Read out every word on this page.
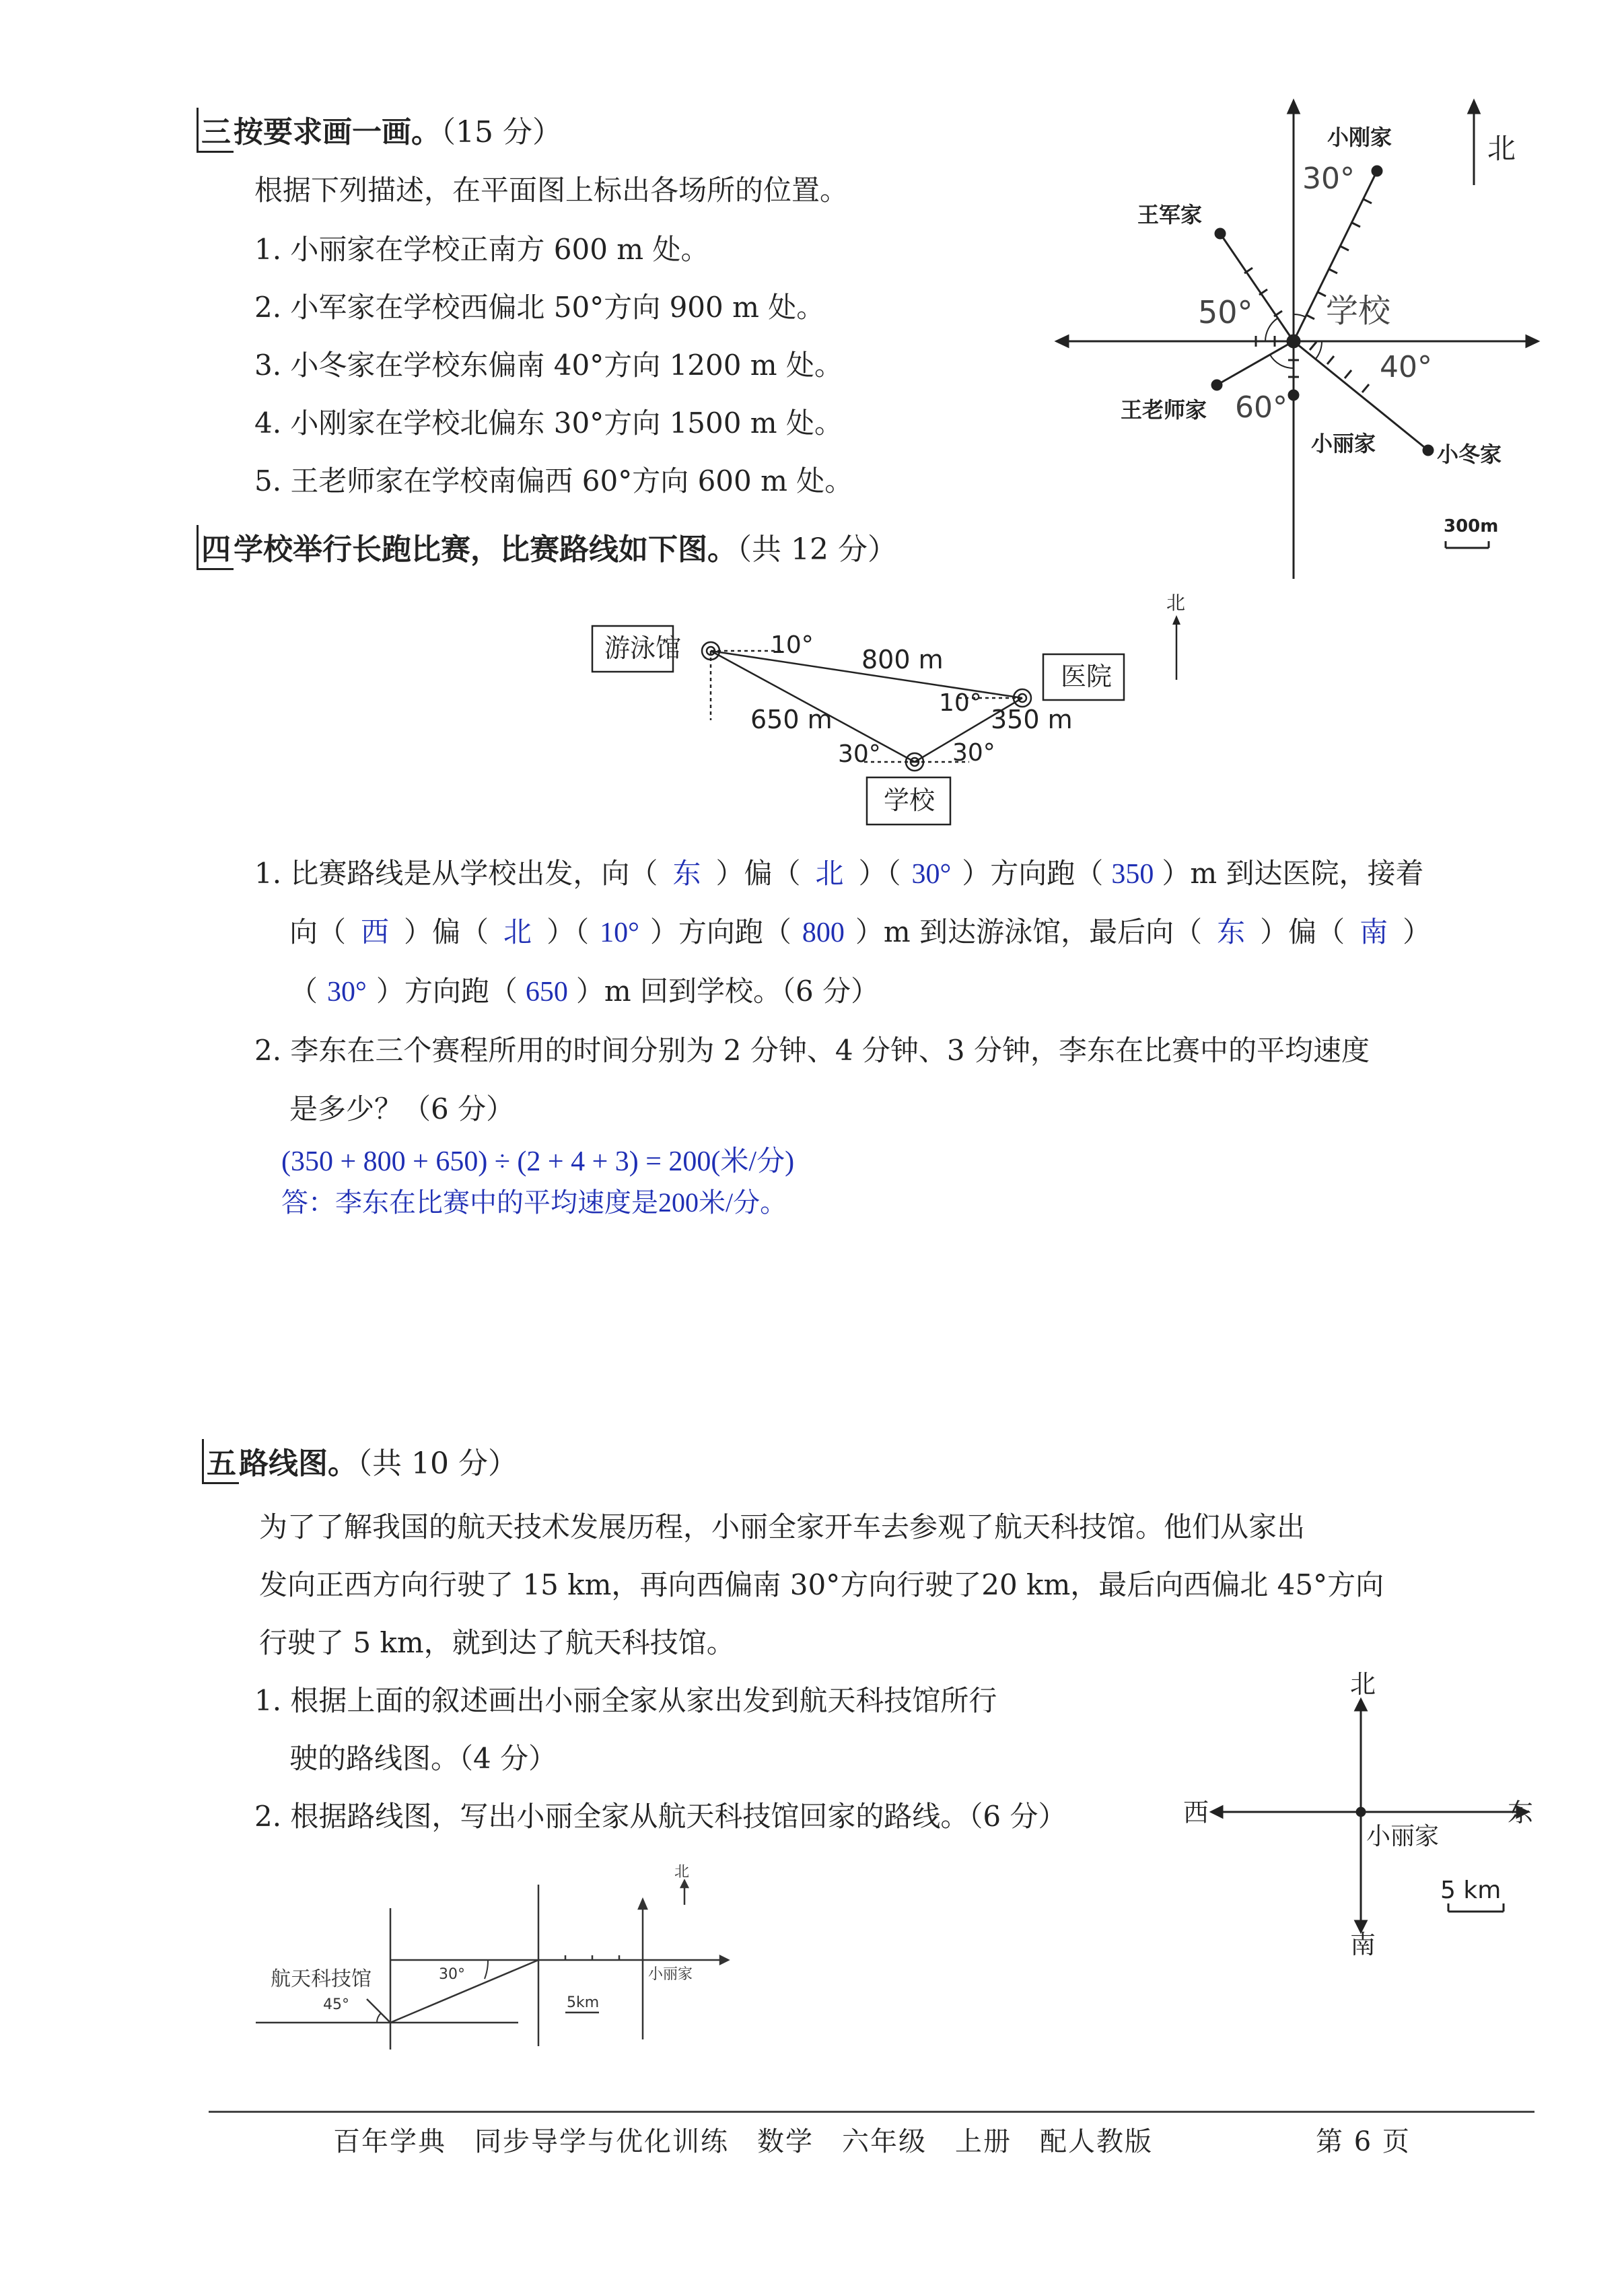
三按要求画一画。（15 分）
根据下列描述，在平面图上标出各场所的位置。
1. 小丽家在学校正南方 600 m 处。
2. 小军家在学校西偏北 50°方向 900 m 处。
3. 小冬家在学校东偏南 40°方向 1200 m 处。
4. 小刚家在学校北偏东 30°方向 1500 m 处。
5. 王老师家在学校南偏西 60°方向 600 m 处。
北
小刚家
30°
王军家
50° 学校
40°
王老师家 60°
小丽家	小冬家
300m
四学校举行长跑比赛，比赛路线如下图。（共 12 分）
北
游泳馆
医院
学校
800 m
650 m	350 m
10°
10°
30°	30°
1. 比赛路线是从学校出发，向（ 东 ）偏（ 北 ）（ 30° ）方向跑（ 350 ）m 到达医院，接着
向（ 西 ）偏（ 北 ）（ 10° ）方向跑（ 800 ）m 到达游泳馆，最后向（ 东 ）偏（ 南 ）
（ 30° ）方向跑（ 650 ）m 回到学校。（6 分）
2. 李东在三个赛程所用的时间分别为 2 分钟、4 分钟、3 分钟，李东在比赛中的平均速度
是多少？（6 分）
(350 + 800 + 650) ÷ (2 + 4 + 3) = 200(米/分)
答：李东在比赛中的平均速度是200米/分。
五路线图。（共 10 分）
为了了解我国的航天技术发展历程，小丽全家开车去参观了航天科技馆。他们从家出
发向正西方向行驶了 15 km，再向西偏南 30°方向行驶了20 km，最后向西偏北 45°方向
行驶了 5 km，就到达了航天科技馆。
1. 根据上面的叙述画出小丽全家从家出发到航天科技馆所行
驶的路线图。（4 分）
2. 根据路线图，写出小丽全家从航天科技馆回家的路线。（6 分）
北
南
西	东
小丽家
5 km
北
航天科技馆	30°
45°
小丽家
5km
百年学典　同步导学与优化训练　数学　六年级　上册　配人教版	第 6 页
